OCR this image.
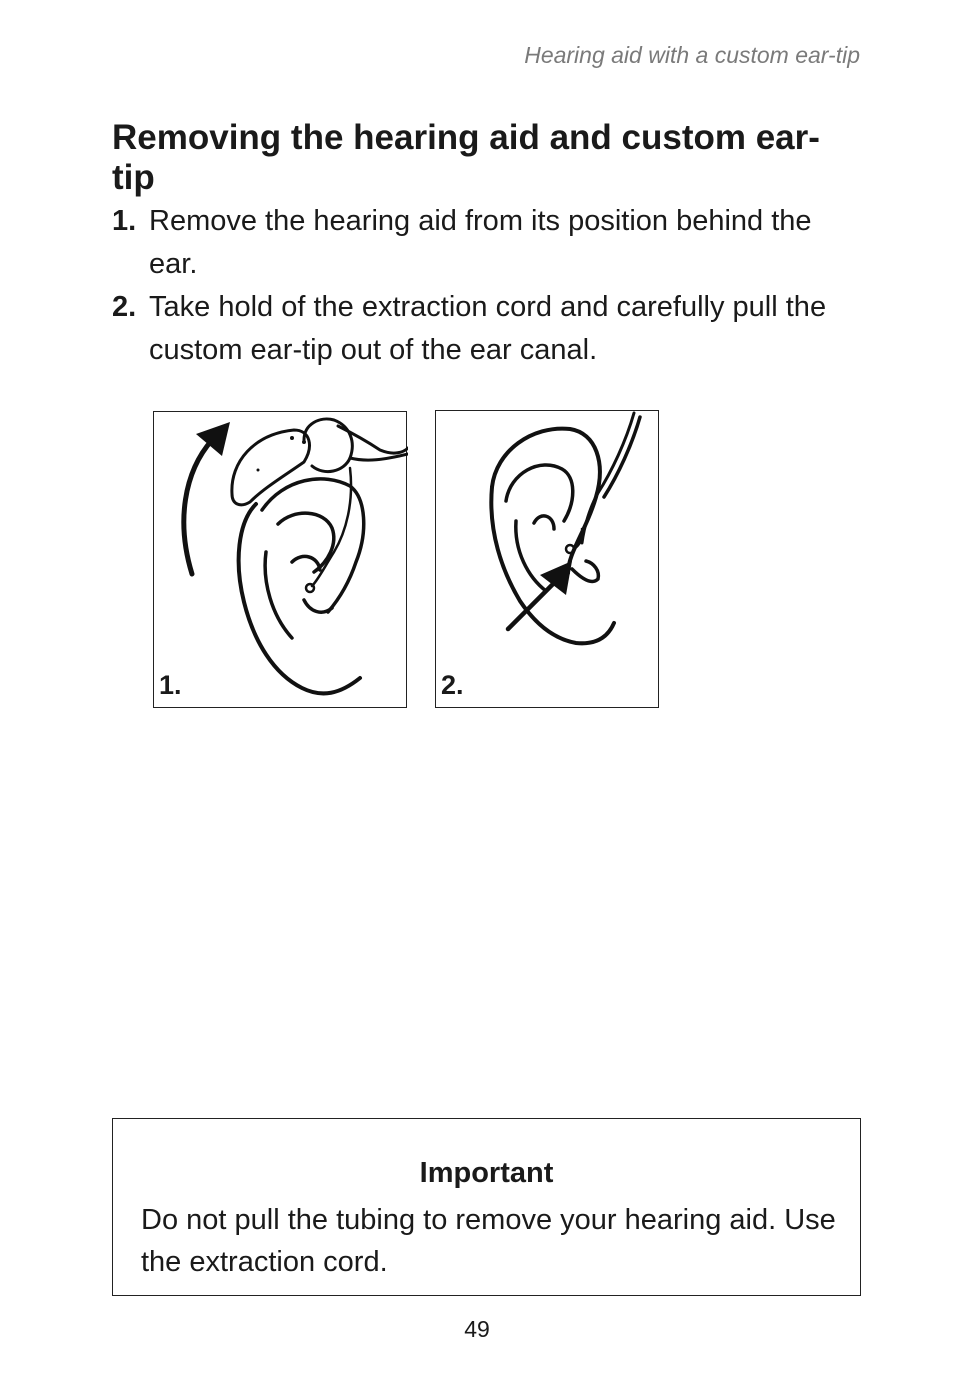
Hearing aid with a custom ear-tip
Removing the hearing aid and custom ear-tip
1. Remove the hearing aid from its position behind the ear.
2. Take hold of the extraction cord and carefully pull the custom ear-tip out of the ear canal.
1.	2.
Important
Do not pull the tubing to remove your hearing aid. Use the extraction cord.
49
